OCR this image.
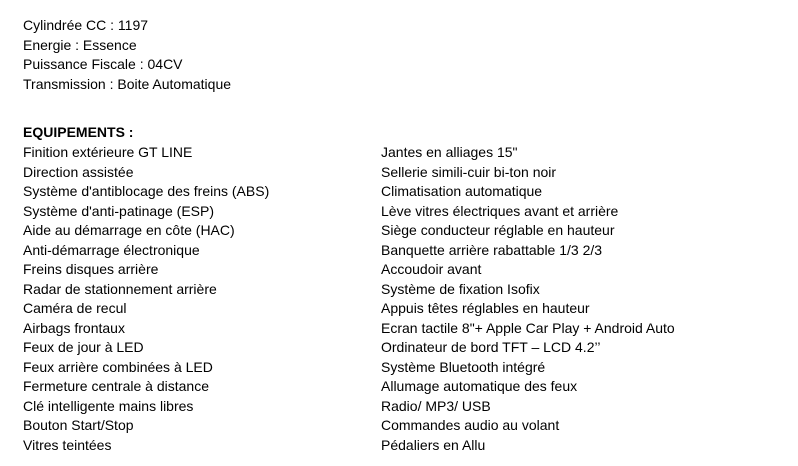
Cylindrée CC : 1197
Energie : Essence
Puissance Fiscale : 04CV
Transmission : Boite Automatique
EQUIPEMENTS :
Finition extérieure GT LINE
Direction assistée
Système d'antiblocage des freins (ABS)
Système d'anti-patinage (ESP)
Aide au démarrage en côte (HAC)
Anti-démarrage électronique
Freins disques arrière
Radar de stationnement arrière
Caméra de recul
Airbags frontaux
Feux de jour à LED
Feux arrière combinées à LED
Fermeture centrale à distance
Clé intelligente mains libres
Bouton Start/Stop
Vitres teintées
Jantes en alliages 15"
Sellerie simili-cuir bi-ton noir
Climatisation automatique
Lève vitres électriques avant et arrière
Siège conducteur réglable en hauteur
Banquette arrière rabattable 1/3 2/3
Accoudoir avant
Système de fixation Isofix
Appuis têtes réglables en hauteur
Ecran tactile 8"+ Apple Car Play + Android Auto
Ordinateur de bord TFT – LCD 4.2’’
Système Bluetooth intégré
Allumage automatique des feux
Radio/ MP3/ USB
Commandes audio au volant
Pédaliers en Allu
